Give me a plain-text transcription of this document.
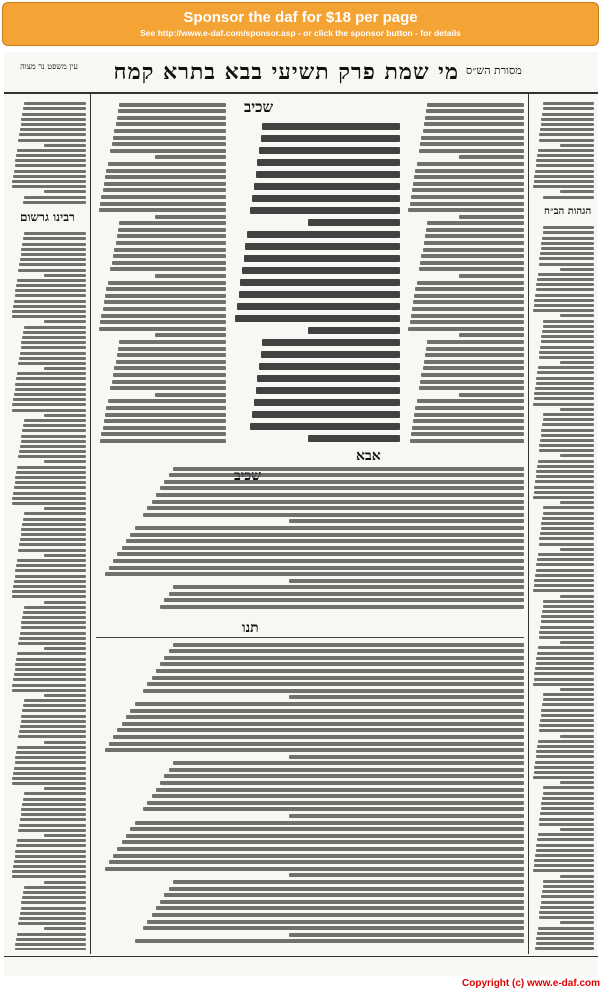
Sponsor the daf for $18 per page
See http://www.e-daf.com/sponsor.asp - or click the sponsor button - for details
מי שמת פרק תשיעי בבא בתרא קמח מסורת הש״ס
עין משפט נר מצוה
רבינו גרשום
שכיב
אבא
הגהות הב״ח
תנו
Copyright (c) www.e-daf.com
